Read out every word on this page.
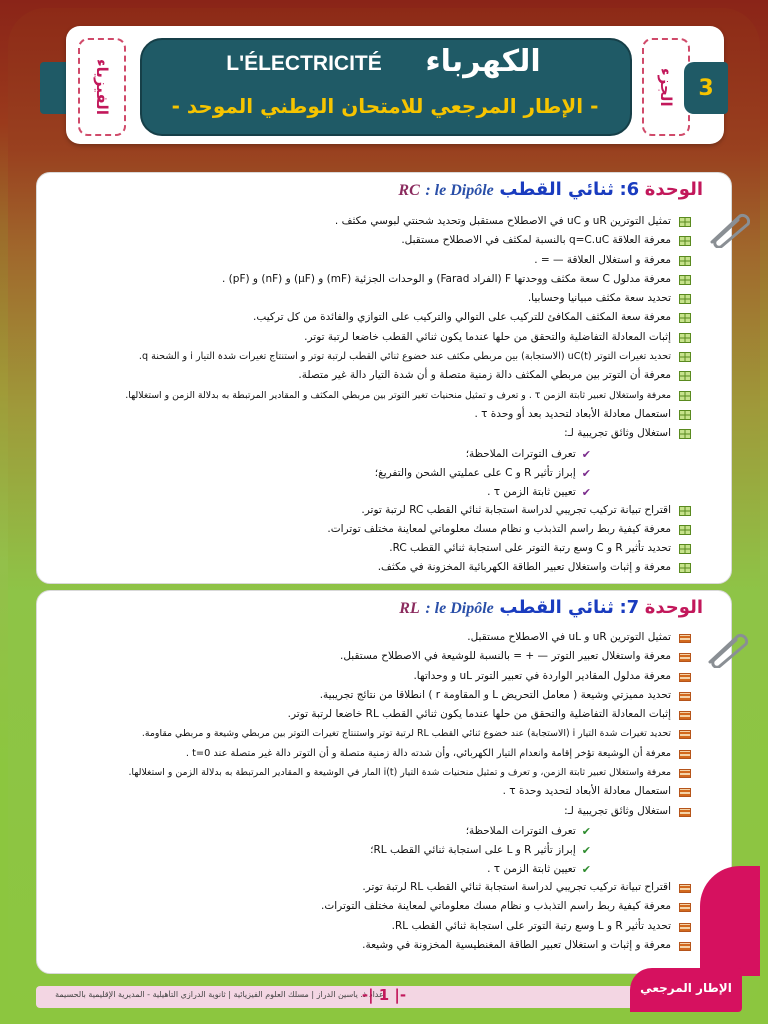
الفيزياء	الجزء	3
L'ÉLECTRICITÉ	الكهرباء
- الإطار المرجعي للامتحان الوطني الموحد -
الوحدة 6: ثنائي القطب RC : le Dipôle
تمثيل التوترين uR و uC في الاصطلاح مستقبل وتحديد شحنتي لبوسي مكثف .
معرفة العلاقة q=C.uC بالنسبة لمكثف في الاصطلاح مستقبل.
معرفة و استغلال العلاقة — = .
معرفة مدلول C سعة مكثف ووحدتها F (الفراد Farad) و الوحدات الجزئية (mF) و (μF) و (nF) و (pF) .
تحديد سعة مكثف مبيانيا وحسابيا.
معرفة سعة المكثف المكافئ للتركيب على التوالي والتركيب على التوازي والفائدة من كل تركيب.
إثبات المعادلة التفاضلية والتحقق من حلها عندما يكون ثنائي القطب خاضعا لرتبة توتر.
تحديد تغيرات التوتر uC(t) (الاستجابة) بين مربطي مكثف عند خضوع ثنائي القطب لرتبة توتر و استنتاج تغيرات شدة التيار i و الشحنة q.
معرفة أن التوتر بين مربطي المكثف دالة زمنية متصلة و أن شدة التيار دالة غير متصلة.
معرفة واستغلال تعبير ثابتة الزمن τ . و تعرف و تمثيل منحنيات تغير التوتر بين مربطي المكثف و المقادير المرتبطة به بدلالة الزمن و استغلالها.
استعمال معادلة الأبعاد لتحديد بعد أو وحدة τ .
استغلال وثائق تجريبية لـ:
✔
تعرف التوترات الملاحظة؛
✔
إبراز تأثير R و C على عمليتي الشحن والتفريغ؛
✔
تعيين ثابتة الزمن τ .
اقتراح تبيانة تركيب تجريبي لدراسة استجابة ثنائي القطب RC لرتبة توتر.
معرفة كيفية ربط راسم التذبذب و نظام مسك معلوماتي لمعاينة مختلف توترات.
تحديد تأثير R و C وسع رتبة التوتر على استجابة ثنائي القطب RC.
معرفة و إثبات واستغلال تعبير الطاقة الكهربائية المخزونة في مكثف.
الوحدة 7: ثنائي القطب RL : le Dipôle
تمثيل التوترين uR و uL في الاصطلاح مستقبل.
معرفة واستغلال تعبير التوتر — + = بالنسبة للوشيعة في الاصطلاح مستقبل.
معرفة مدلول المقادير الواردة في تعبير التوتر uL و وحداتها.
تحديد مميزتي وشيعة ( معامل التحريض L و المقاومة r ) انطلاقا من نتائج تجريبية.
إثبات المعادلة التفاضلية والتحقق من حلها عندما يكون ثنائي القطب RL خاضعا لرتبة توتر.
تحديد تغيرات شدة التيار i (الاستجابة) عند خضوع ثنائي القطب RL لرتبة توتر واستنتاج تغيرات التوتر بين مربطي وشيعة و مربطي مقاومة.
معرفة أن الوشيعة تؤخر إقامة وانعدام التيار الكهربائي، وأن شدته دالة زمنية متصلة و أن التوتر دالة غير متصلة عند t=0 .
معرفة واستغلال تعبير ثابتة الزمن، و تعرف و تمثيل منحنيات شدة التيار i(t) المار في الوشيعة و المقادير المرتبطة به بدلالة الزمن و استغلالها.
استعمال معادلة الأبعاد لتحديد وحدة τ .
استغلال وثائق تجريبية لـ:
✔
تعرف التوترات الملاحظة؛
✔
إبراز تأثير R و L على استجابة ثنائي القطب RL؛
✔
تعيين ثابتة الزمن τ .
اقتراح تبيانة تركيب تجريبي لدراسة استجابة ثنائي القطب RL لرتبة توتر.
معرفة كيفية ربط راسم التذبذب و نظام مسك معلوماتي لمعاينة مختلف التوترات.
تحديد تأثير R و L وسع رتبة التوتر على استجابة ثنائي القطب RL.
معرفة و إثبات و استغلال تعبير الطاقة المغنطيسية المخزونة في وشيعة.
إعداد ذ. ياسين الدراز | مسلك العلوم الفيزيائية | ثانوية الدرازي التأهيلية - المديرية الإقليمية بالحسيمة
-| 1 |-	الإطار المرجعي
